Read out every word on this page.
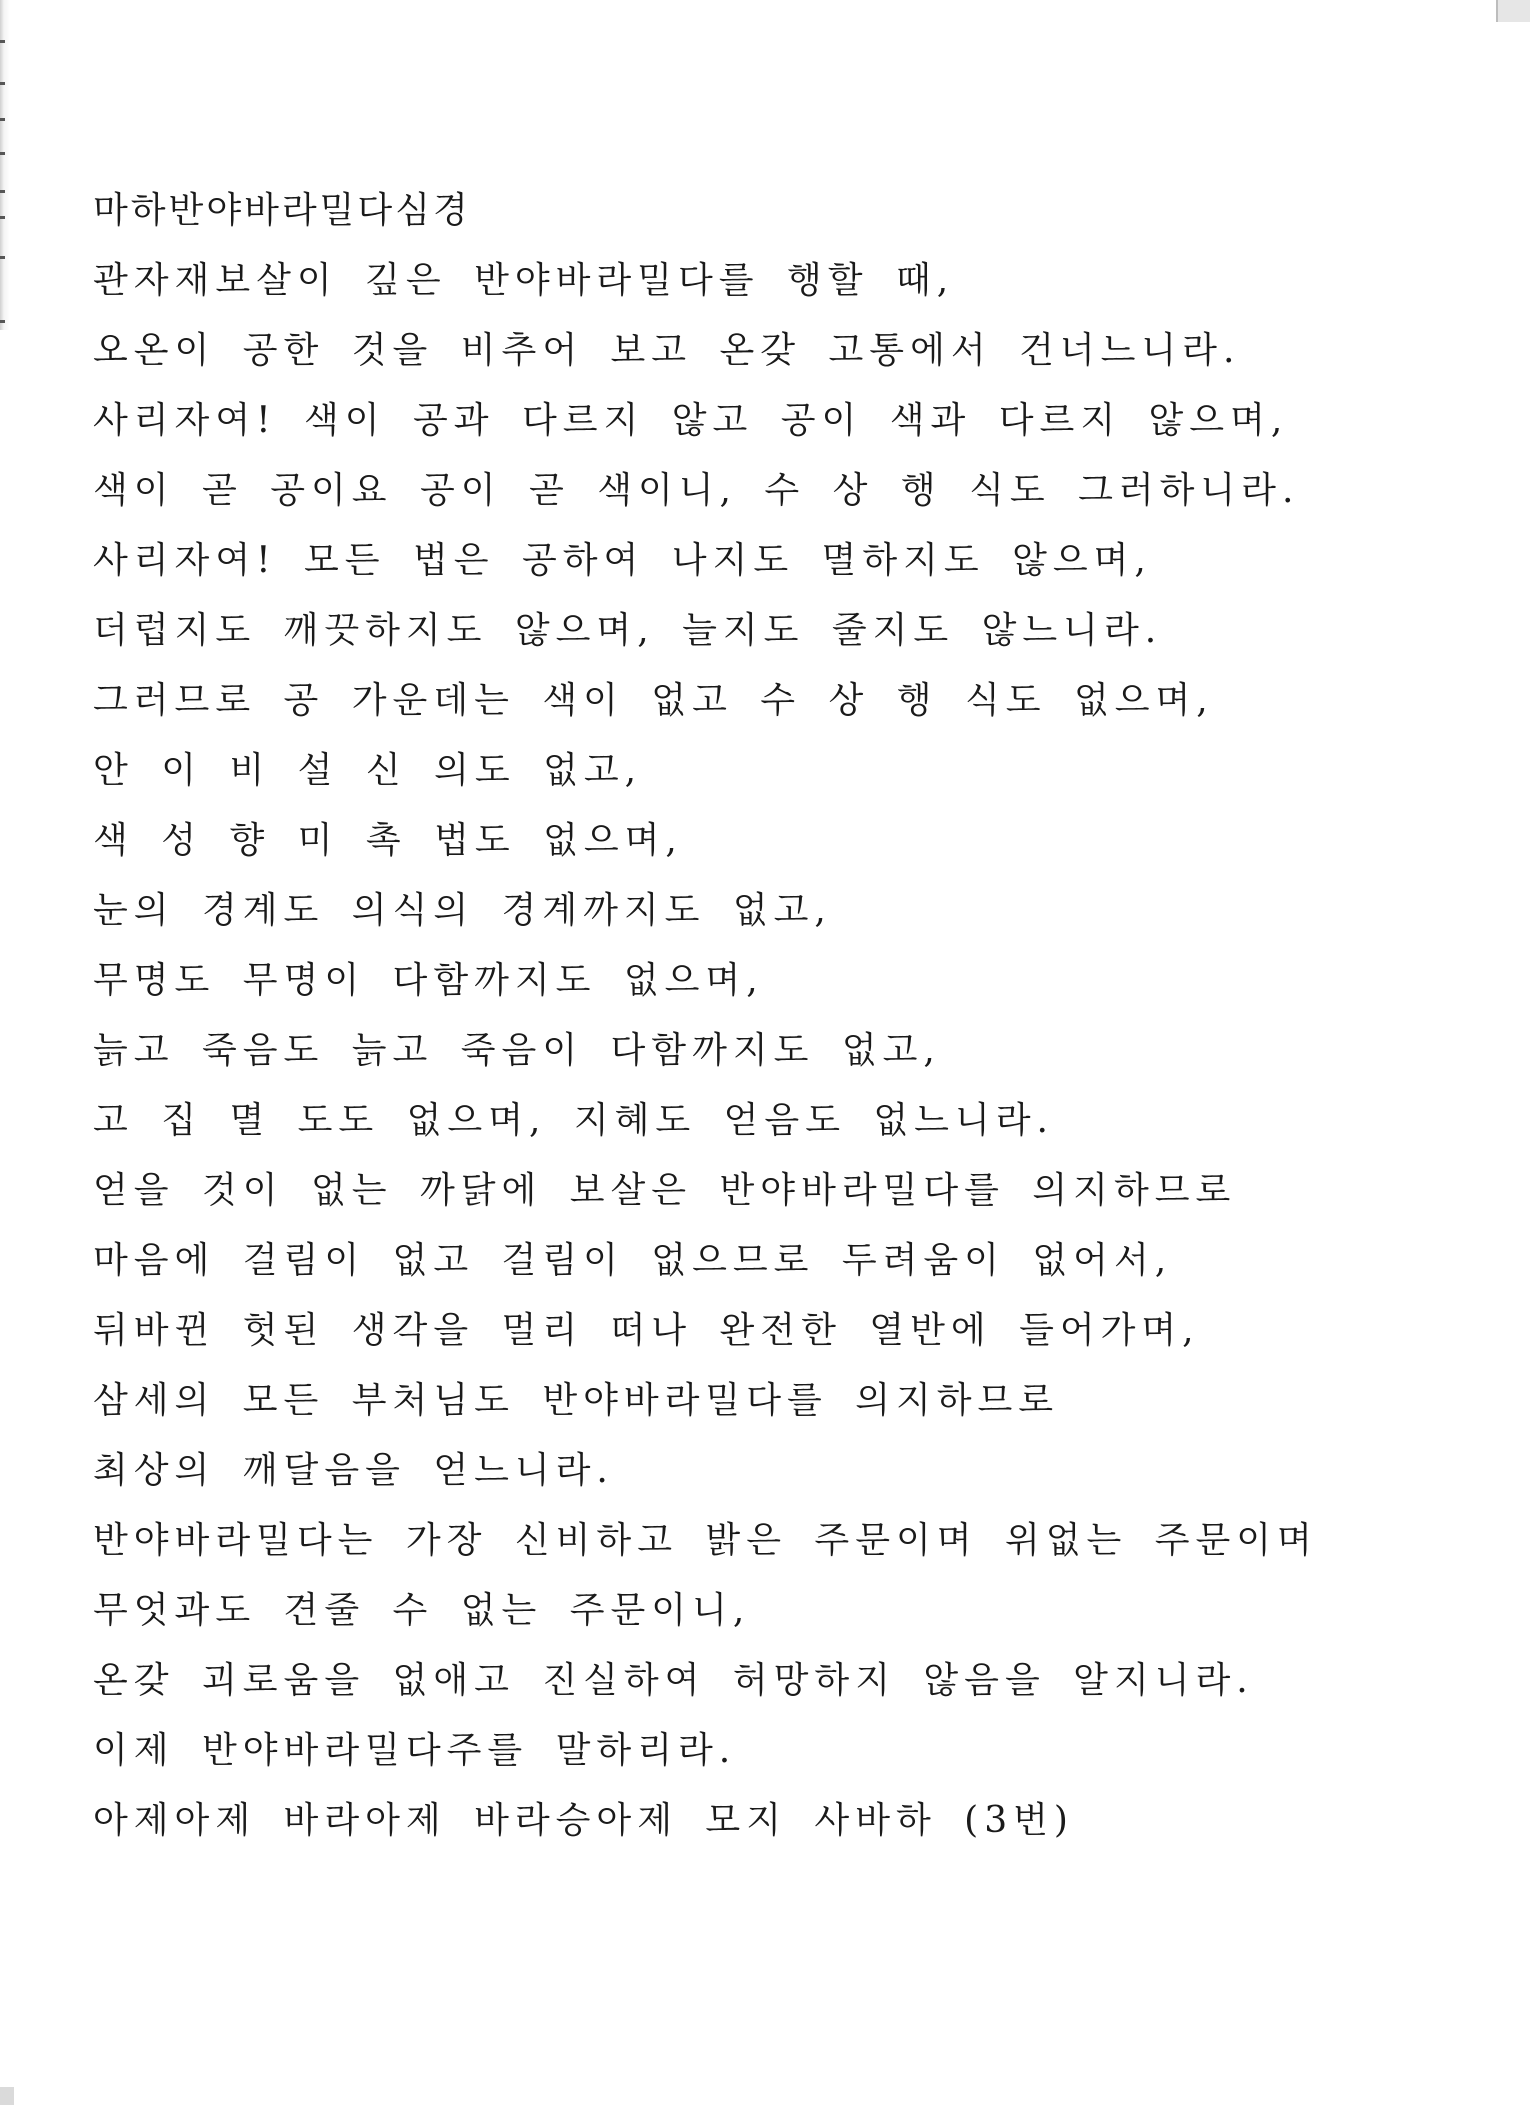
마하반야바라밀다심경
관자재보살이 깊은 반야바라밀다를 행할 때,
오온이 공한 것을 비추어 보고 온갖 고통에서 건너느니라.
사리자여! 색이 공과 다르지 않고 공이 색과 다르지 않으며,
색이 곧 공이요 공이 곧 색이니, 수 상 행 식도 그러하니라.
사리자여! 모든 법은 공하여 나지도 멸하지도 않으며,
더럽지도 깨끗하지도 않으며, 늘지도 줄지도 않느니라.
그러므로 공 가운데는 색이 없고 수 상 행 식도 없으며,
안 이 비 설 신 의도 없고,
색 성 향 미 촉 법도 없으며,
눈의 경계도 의식의 경계까지도 없고,
무명도 무명이 다함까지도 없으며,
늙고 죽음도 늙고 죽음이 다함까지도 없고,
고 집 멸 도도 없으며, 지혜도 얻음도 없느니라.
얻을 것이 없는 까닭에 보살은 반야바라밀다를 의지하므로
마음에 걸림이 없고 걸림이 없으므로 두려움이 없어서,
뒤바뀐 헛된 생각을 멀리 떠나 완전한 열반에 들어가며,
삼세의 모든 부처님도 반야바라밀다를 의지하므로
최상의 깨달음을 얻느니라.
반야바라밀다는 가장 신비하고 밝은 주문이며 위없는 주문이며
무엇과도 견줄 수 없는 주문이니,
온갖 괴로움을 없애고 진실하여 허망하지 않음을 알지니라.
이제 반야바라밀다주를 말하리라.
아제아제 바라아제 바라승아제 모지 사바하 (3번)
